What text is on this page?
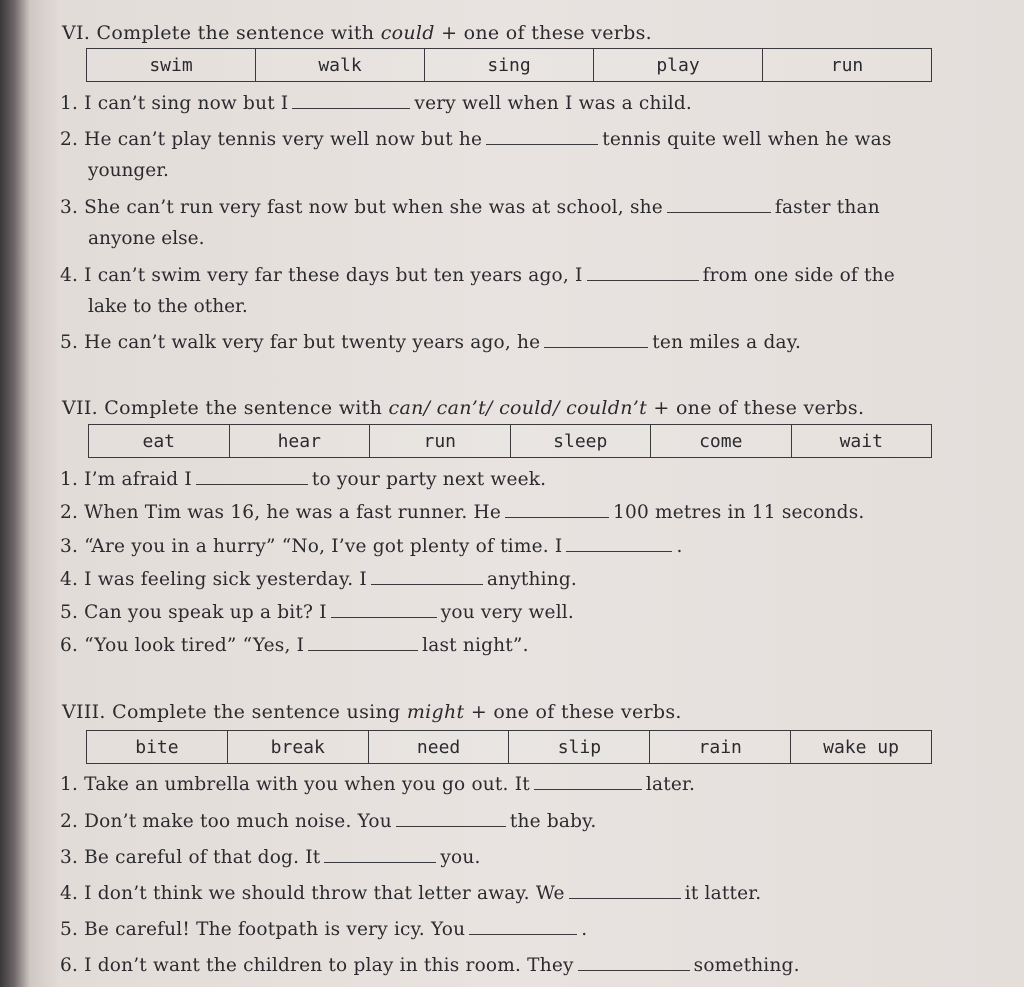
VI. Complete the sentence with could + one of these verbs.
swim	walk	sing	play	run
1. I can’t sing now but I	very well when I was a child.
2. He can’t play tennis very well now but he	tennis quite well when he was
younger.
3. She can’t run very fast now but when she was at school, she	faster than
anyone else.
4. I can’t swim very far these days but ten years ago, I	from one side of the
lake to the other.
5. He can’t walk very far but twenty years ago, he	ten miles a day.
VII. Complete the sentence with can/ can’t/ could/ couldn’t + one of these verbs.
eat	hear	run	sleep	come	wait
1. I’m afraid I	to your party next week.
2. When Tim was 16, he was a fast runner. He	100 metres in 11 seconds.
3. “Are you in a hurry” “No, I’ve got plenty of time. I	.
4. I was feeling sick yesterday. I	anything.
5. Can you speak up a bit? I	you very well.
6. “You look tired” “Yes, I	last night”.
VIII. Complete the sentence using might + one of these verbs.
bite	break	need	slip	rain	wake up
1. Take an umbrella with you when you go out. It	later.
2. Don’t make too much noise. You	the baby.
3. Be careful of that dog. It	you.
4. I don’t think we should throw that letter away. We	it latter.
5. Be careful! The footpath is very icy. You	.
6. I don’t want the children to play in this room. They	something.
